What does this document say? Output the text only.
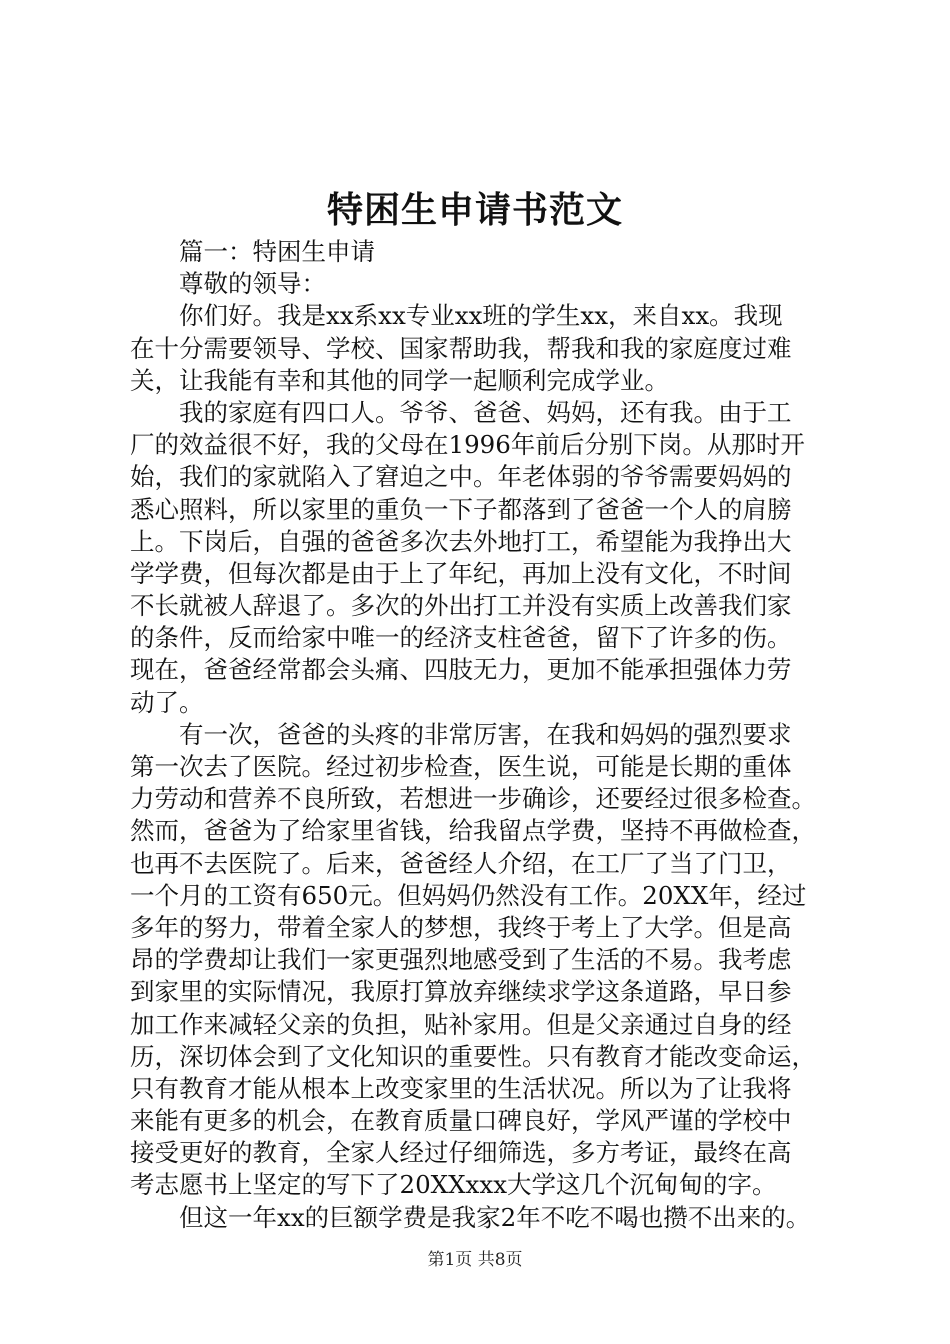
特困生申请书范文
篇一：特困生申请
尊敬的领导：
你们好。我是xx系xx专业xx班的学生xx，来自xx。我现
在十分需要领导、学校、国家帮助我，帮我和我的家庭度过难
关，让我能有幸和其他的同学一起顺利完成学业。
我的家庭有四口人。爷爷、爸爸、妈妈，还有我。由于工
厂的效益很不好，我的父母在1996年前后分别下岗。从那时开
始，我们的家就陷入了窘迫之中。年老体弱的爷爷需要妈妈的
悉心照料，所以家里的重负一下子都落到了爸爸一个人的肩膀
上。下岗后，自强的爸爸多次去外地打工，希望能为我挣出大
学学费，但每次都是由于上了年纪，再加上没有文化，不时间
不长就被人辞退了。多次的外出打工并没有实质上改善我们家
的条件，反而给家中唯一的经济支柱爸爸，留下了许多的伤。
现在，爸爸经常都会头痛、四肢无力，更加不能承担强体力劳
动了。
有一次，爸爸的头疼的非常厉害，在我和妈妈的强烈要求
第一次去了医院。经过初步检查，医生说，可能是长期的重体
力劳动和营养不良所致，若想进一步确诊，还要经过很多检查。
然而，爸爸为了给家里省钱，给我留点学费，坚持不再做检查，
也再不去医院了。后来，爸爸经人介绍，在工厂了当了门卫，
一个月的工资有650元。但妈妈仍然没有工作。20XX年，经过
多年的努力，带着全家人的梦想，我终于考上了大学。但是高
昂的学费却让我们一家更强烈地感受到了生活的不易。我考虑
到家里的实际情况，我原打算放弃继续求学这条道路，早日参
加工作来减轻父亲的负担，贴补家用。但是父亲通过自身的经
历，深切体会到了文化知识的重要性。只有教育才能改变命运，
只有教育才能从根本上改变家里的生活状况。所以为了让我将
来能有更多的机会，在教育质量口碑良好，学风严谨的学校中
接受更好的教育，全家人经过仔细筛选，多方考证，最终在高
考志愿书上坚定的写下了20XXxxx大学这几个沉甸甸的字。
但这一年xx的巨额学费是我家2年不吃不喝也攒不出来的。
第1页 共8页
